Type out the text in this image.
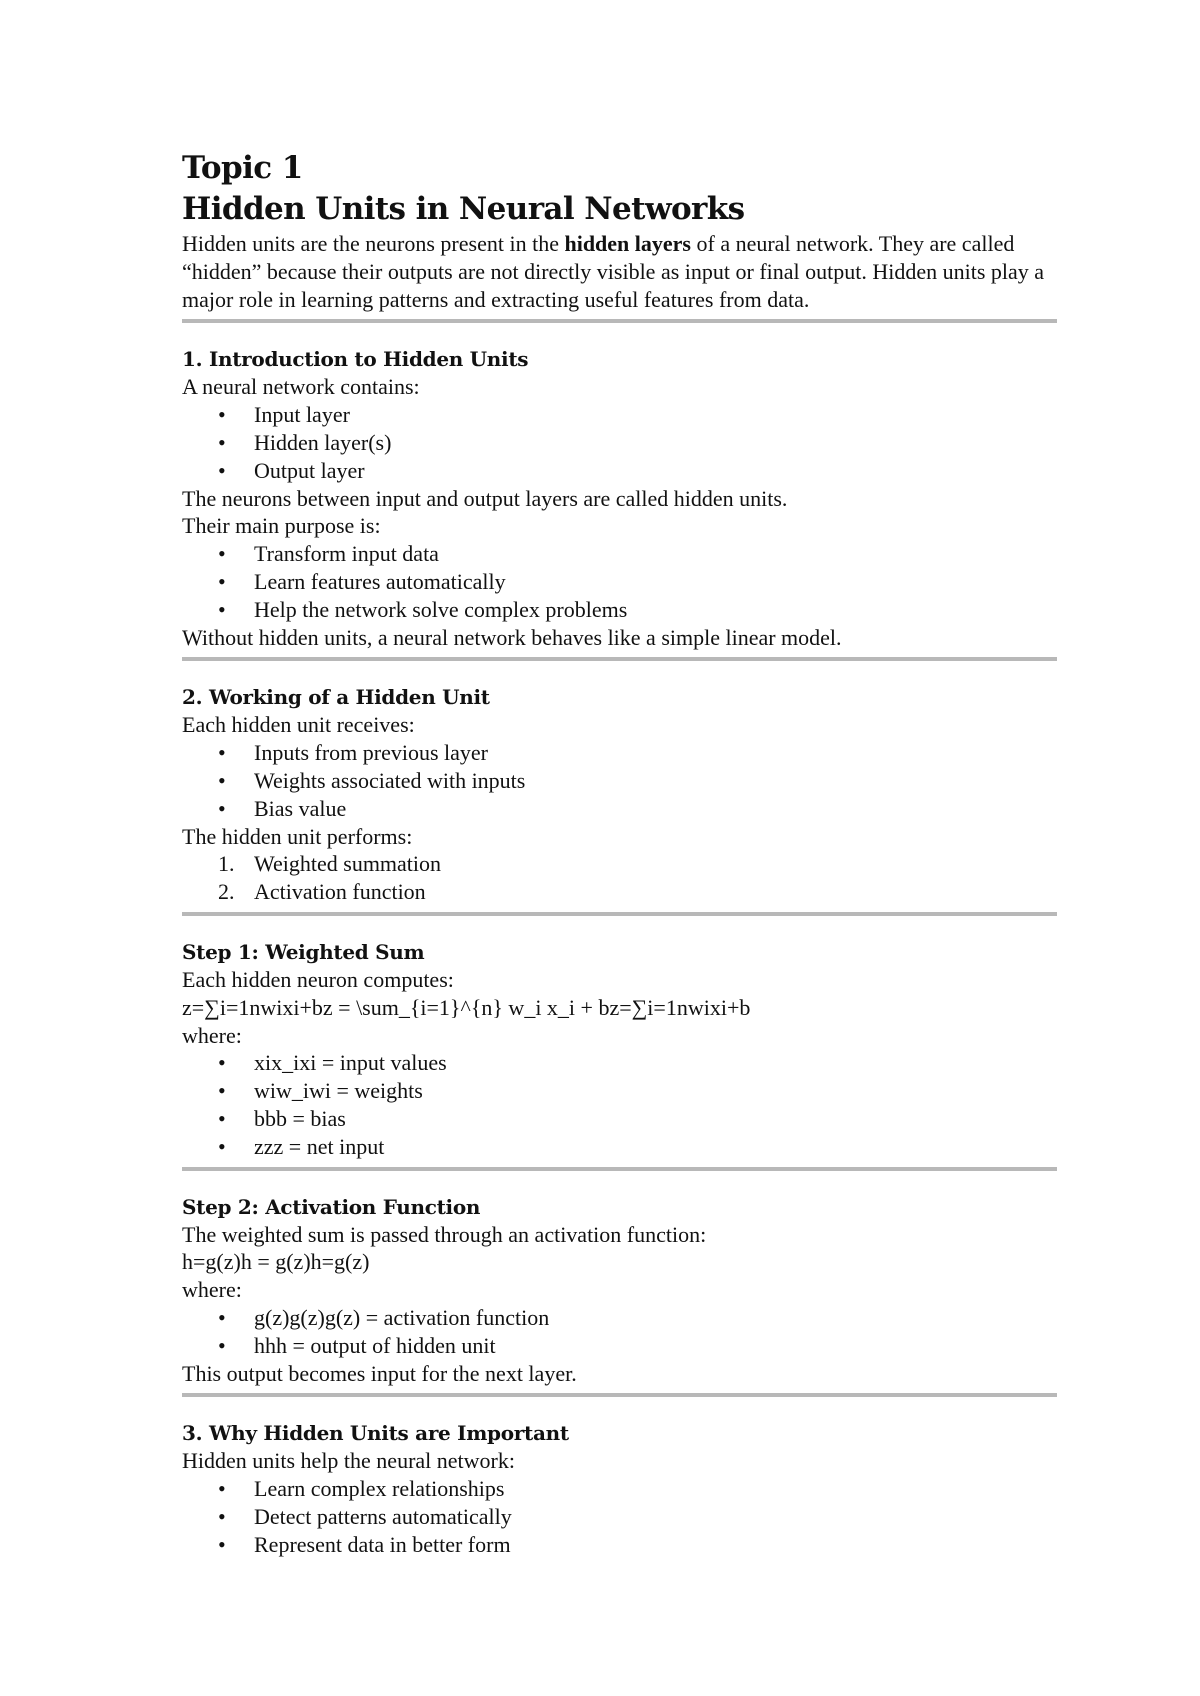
Topic 1
Hidden Units in Neural Networks

Hidden units are the neurons present in the hidden layers of a neural network. They are called “hidden” because their outputs are not directly visible as input or final output. Hidden units play a major role in learning patterns and extracting useful features from data.

1. Introduction to Hidden Units

A neural network contains:

• Input layer
• Hidden layer(s)
• Output layer

The neurons between input and output layers are called hidden units.

Their main purpose is:

• Transform input data
• Learn features automatically
• Help the network solve complex problems

Without hidden units, a neural network behaves like a simple linear model.

2. Working of a Hidden Unit

Each hidden unit receives:

• Inputs from previous layer
• Weights associated with inputs
• Bias value

The hidden unit performs:

1. Weighted summation
2. Activation function
Step 1: Weighted Sum

Each hidden neuron computes:

z=∑i=1nwixi+bz = \sum_{i=1}^{n} w_i x_i + bz=∑i=1nwixi+b

where:

• xix_ixi = input values
• wiw_iwi = weights
• bbb = bias
• zzz = net input
Step 2: Activation Function

The weighted sum is passed through an activation function:

h=g(z)h = g(z)h=g(z)

where:

• g(z)g(z)g(z) = activation function
• hhh = output of hidden unit

This output becomes input for the next layer.

3. Why Hidden Units are Important

Hidden units help the neural network:

• Learn complex relationships
• Detect patterns automatically
• Represent data in better form
